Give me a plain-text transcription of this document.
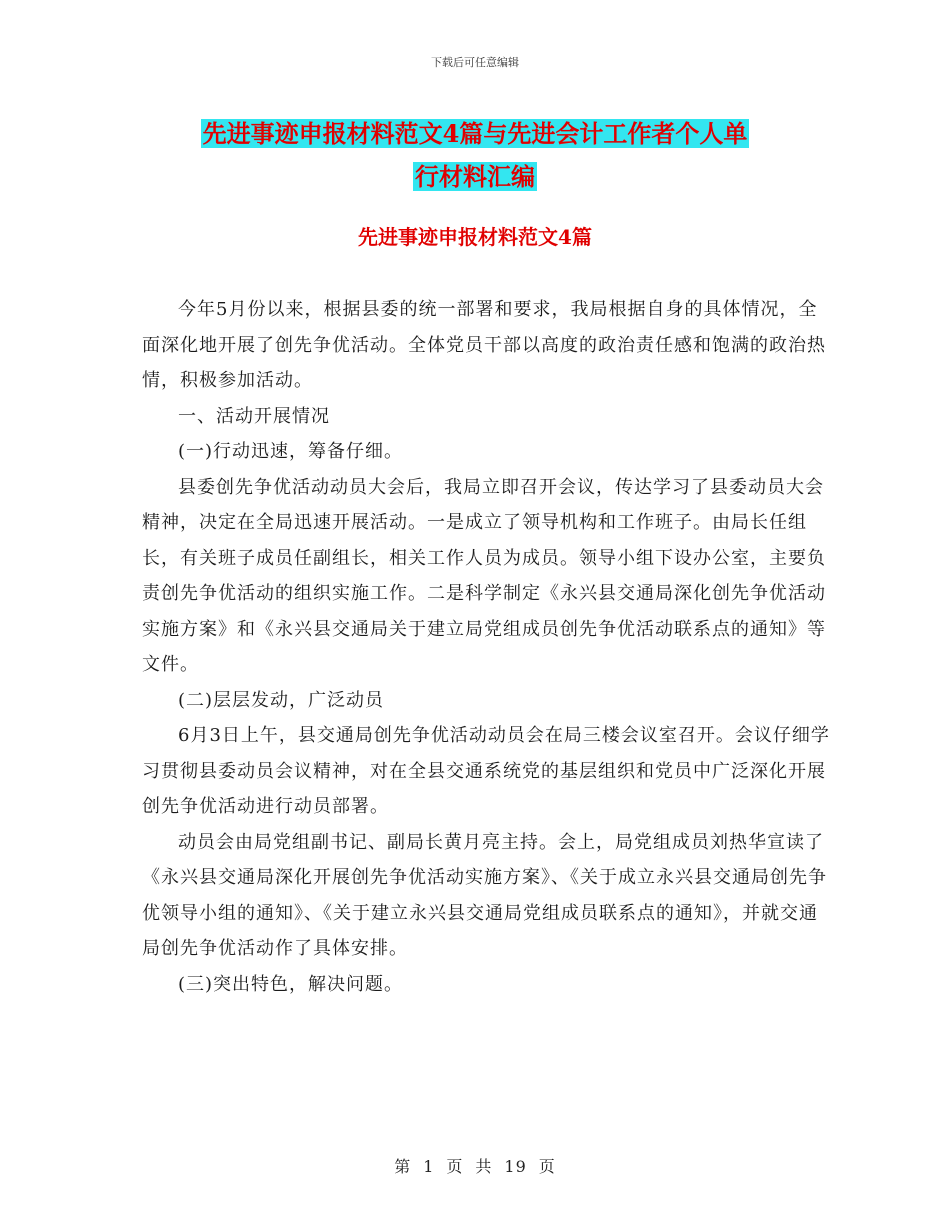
下载后可任意编辑
先进事迹申报材料范文4篇与先进会计工作者个人单
行材料汇编
先进事迹申报材料范文4篇

今年5月份以来，根据县委的统一部署和要求，我局根据自身的具体情况，全面深化地开展了创先争优活动。全体党员干部以高度的政治责任感和饱满的政治热情，积极参加活动。

一、活动开展情况

(一)行动迅速，筹备仔细。

县委创先争优活动动员大会后，我局立即召开会议，传达学习了县委动员大会精神，决定在全局迅速开展活动。一是成立了领导机构和工作班子。由局长任组长，有关班子成员任副组长，相关工作人员为成员。领导小组下设办公室，主要负责创先争优活动的组织实施工作。二是科学制定《永兴县交通局深化创先争优活动实施方案》和《永兴县交通局关于建立局党组成员创先争优活动联系点的通知》等文件。

(二)层层发动，广泛动员

6月3日上午，县交通局创先争优活动动员会在局三楼会议室召开。会议仔细学习贯彻县委动员会议精神，对在全县交通系统党的基层组织和党员中广泛深化开展创先争优活动进行动员部署。

动员会由局党组副书记、副局长黄月亮主持。会上，局党组成员刘热华宣读了《永兴县交通局深化开展创先争优活动实施方案》、《关于成立永兴县交通局创先争优领导小组的通知》、《关于建立永兴县交通局党组成员联系点的通知》，并就交通局创先争优活动作了具体安排。

(三)突出特色，解决问题。

第 1 页 共 19 页
